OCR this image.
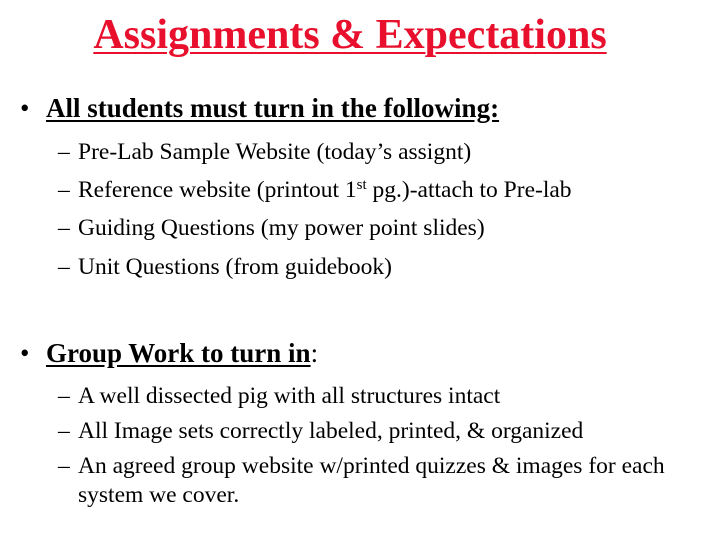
Assignments & Expectations
• All students must turn in the following:
– Pre-Lab Sample Website (today’s assignt)
– Reference website (printout 1st pg.)-attach to Pre-lab
– Guiding Questions (my power point slides)
– Unit Questions (from guidebook)
• Group Work to turn in:
– A well dissected pig with all structures intact
– All Image sets correctly labeled, printed, & organized
– An agreed group website w/printed quizzes & images for each system we cover.
